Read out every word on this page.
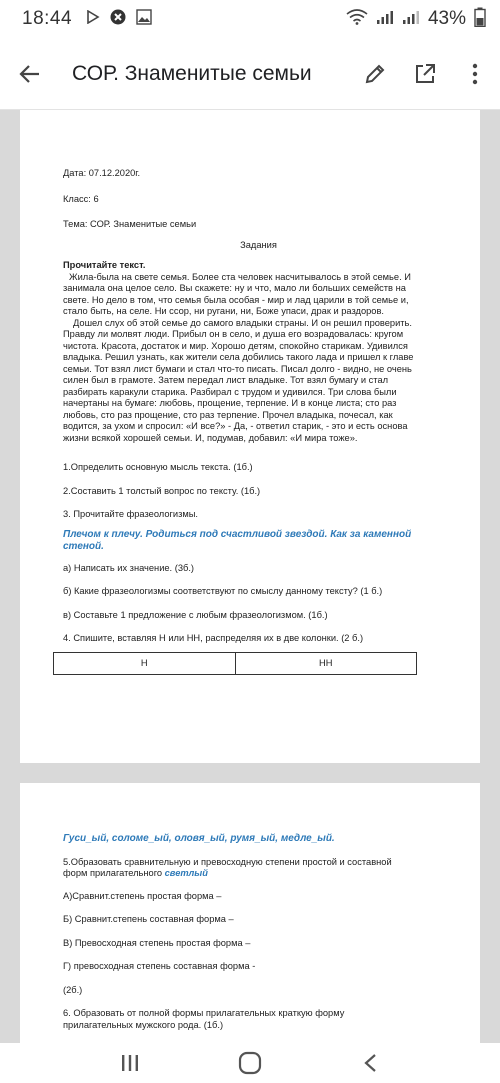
18:44	43%
СОР. Знаменитые семьи
Дата: 07.12.2020г.
Класс: 6
Тема: СОР. Знаменитые семьи
Задания
Прочитайте текст.
Жила-была на свете семья. Более ста человек насчитывалось в этой семье. И
занимала она целое село. Вы скажете: ну и что, мало ли больших семейств на
свете. Но дело в том, что семья была особая - мир и лад царили в той семье и,
стало быть, на селе. Ни ссор, ни ругани, ни, Боже упаси, драк и раздоров.
Дошел слух об этой семье до самого владыки страны. И он решил проверить.
Правду ли молвят люди. Прибыл он в село, и душа его возрадовалась: кругом
чистота. Красота, достаток и мир. Хорошо детям, спокойно старикам. Удивился
владыка. Решил узнать, как жители села добились такого лада и пришел к главе
семьи. Тот взял лист бумаги и стал что-то писать. Писал долго - видно, не очень
силен был в грамоте. Затем передал лист владыке. Тот взял бумагу и стал
разбирать каракули старика. Разбирал с трудом и удивился. Три слова были
начертаны на бумаге: любовь, прощение, терпение. И в конце листа; сто раз
любовь, сто раз прощение, сто раз терпение. Прочел владыка, почесал, как
водится, за ухом и спросил: «И все?» - Да, - ответил старик, - это и есть основа
жизни всякой хорошей семьи. И, подумав, добавил: «И мира тоже».
1.Определить основную мысль текста. (1б.)
2.Составить 1 толстый вопрос по тексту. (1б.)
3. Прочитайте фразеологизмы.
Плечом к плечу. Родиться под счастливой звездой. Как за каменной
стеной.
а) Написать их значение. (3б.)
б) Какие фразеологизмы соответствуют по смыслу данному тексту? (1 б.)
в) Составьте 1 предложение с любым фразеологизмом. (1б.)
4. Спишите, вставляя Н или НН, распределяя их в две колонки. (2 б.)
Н	НН
Гуси_ый, соломе_ый, оловя_ый, румя_ый, медле_ый.
5.Образовать сравнительную и превосходную степени простой и составной
форм прилагательного светлый
А)Сравнит.степень простая форма –
Б) Сравнит.степень составная форма –
В) Превосходная степень простая форма –
Г) превосходная степень составная форма -
(2б.)
6. Образовать от полной формы прилагательных краткую форму
прилагательных мужского рода. (1б.)
